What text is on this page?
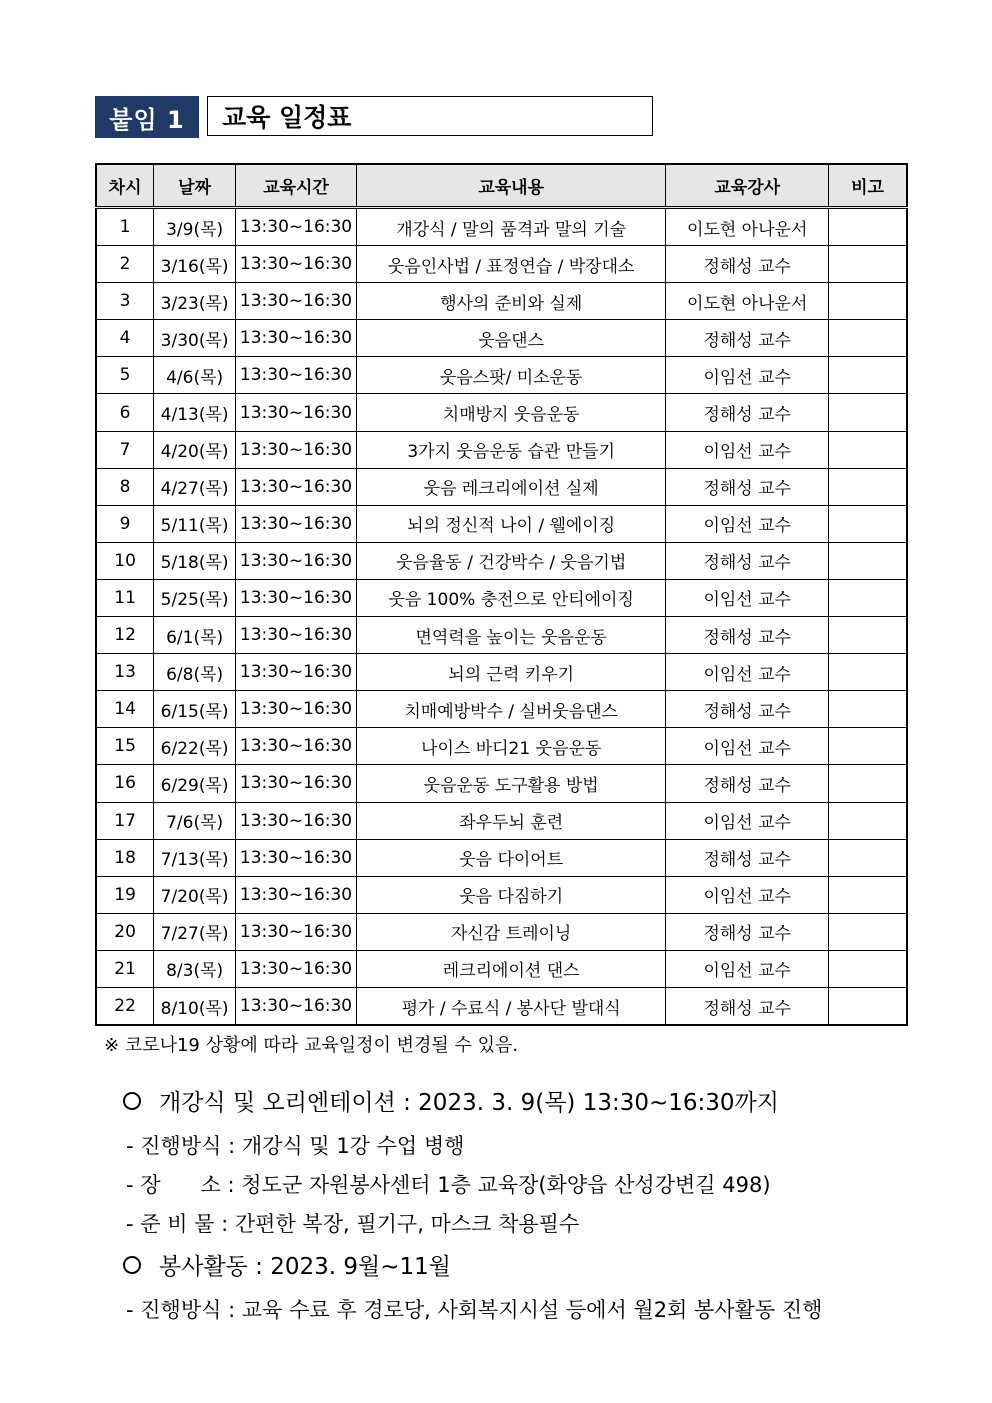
붙임 1	교육 일정표
차시	날짜	교육시간	교육내용	교육강사	비고
1	3/9(목)	13:30~16:30	개강식 / 말의 품격과 말의 기술	이도현 아나운서	
2	3/16(목)	13:30~16:30	웃음인사법 / 표정연습 / 박장대소	정해성 교수	
3	3/23(목)	13:30~16:30	행사의 준비와 실제	이도현 아나운서	
4	3/30(목)	13:30~16:30	웃음댄스	정해성 교수	
5	4/6(목)	13:30~16:30	웃음스팟/ 미소운동	이임선 교수	
6	4/13(목)	13:30~16:30	치매방지 웃음운동	정해성 교수	
7	4/20(목)	13:30~16:30	3가지 웃음운동 습관 만들기	이임선 교수	
8	4/27(목)	13:30~16:30	웃음 레크리에이션 실제	정해성 교수	
9	5/11(목)	13:30~16:30	뇌의 정신적 나이 / 웰에이징	이임선 교수	
10	5/18(목)	13:30~16:30	웃음율동 / 건강박수 / 웃음기법	정해성 교수	
11	5/25(목)	13:30~16:30	웃음 100% 충전으로 안티에이징	이임선 교수	
12	6/1(목)	13:30~16:30	면역력을 높이는 웃음운동	정해성 교수	
13	6/8(목)	13:30~16:30	뇌의 근력 키우기	이임선 교수	
14	6/15(목)	13:30~16:30	치매예방박수 / 실버웃음댄스	정해성 교수	
15	6/22(목)	13:30~16:30	나이스 바디21 웃음운동	이임선 교수	
16	6/29(목)	13:30~16:30	웃음운동 도구활용 방법	정해성 교수	
17	7/6(목)	13:30~16:30	좌우두뇌 훈련	이임선 교수	
18	7/13(목)	13:30~16:30	웃음 다이어트	정해성 교수	
19	7/20(목)	13:30~16:30	웃음 다짐하기	이임선 교수	
20	7/27(목)	13:30~16:30	자신감 트레이닝	정해성 교수	
21	8/3(목)	13:30~16:30	레크리에이션 댄스	이임선 교수	
22	8/10(목)	13:30~16:30	평가 / 수료식 / 봉사단 발대식	정해성 교수	
※ 코로나19 상황에 따라 교육일정이 변경될 수 있음.
개강식 및 오리엔테이션 : 2023. 3. 9(목) 13:30~16:30까지
- 진행방식 : 개강식 및 1강 수업 병행
- 장      소 : 청도군 자원봉사센터 1층 교육장(화양읍 산성강변길 498)
- 준 비 물 : 간편한 복장, 필기구, 마스크 착용필수
봉사활동 : 2023. 9월~11월
- 진행방식 : 교육 수료 후 경로당, 사회복지시설 등에서 월2회 봉사활동 진행
